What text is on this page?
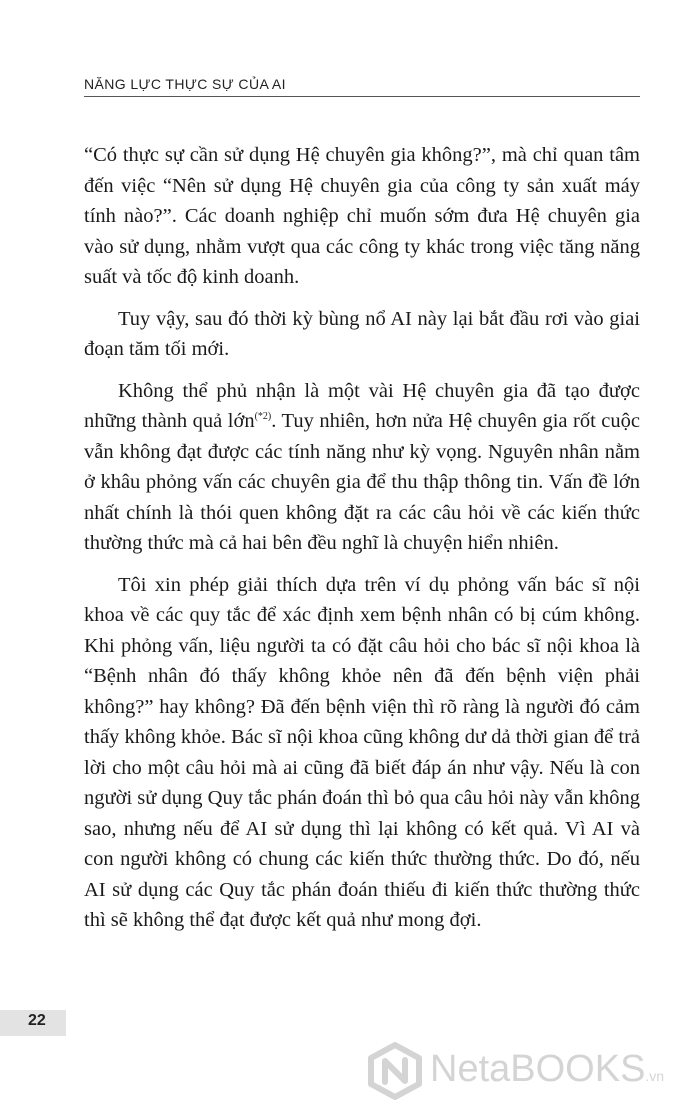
NĂNG LỰC THỰC SỰ CỦA AI

“Có thực sự cần sử dụng Hệ chuyên gia không?”, mà chỉ quan tâm đến việc “Nên sử dụng Hệ chuyên gia của công ty sản xuất máy tính nào?”. Các doanh nghiệp chỉ muốn sớm đưa Hệ chuyên gia vào sử dụng, nhằm vượt qua các công ty khác trong việc tăng năng suất và tốc độ kinh doanh.

Tuy vậy, sau đó thời kỳ bùng nổ AI này lại bắt đầu rơi vào giai đoạn tăm tối mới.

Không thể phủ nhận là một vài Hệ chuyên gia đã tạo được những thành quả lớn$^{(*2)}$. Tuy nhiên, hơn nửa Hệ chuyên gia rốt cuộc vẫn không đạt được các tính năng như kỳ vọng. Nguyên nhân nằm ở khâu phỏng vấn các chuyên gia để thu thập thông tin. Vấn đề lớn nhất chính là thói quen không đặt ra các câu hỏi về các kiến thức thường thức mà cả hai bên đều nghĩ là chuyện hiển nhiên.

Tôi xin phép giải thích dựa trên ví dụ phỏng vấn bác sĩ nội khoa về các quy tắc để xác định xem bệnh nhân có bị cúm không. Khi phỏng vấn, liệu người ta có đặt câu hỏi cho bác sĩ nội khoa là “Bệnh nhân đó thấy không khỏe nên đã đến bệnh viện phải không?” hay không? Đã đến bệnh viện thì rõ ràng là người đó cảm thấy không khỏe. Bác sĩ nội khoa cũng không dư dả thời gian để trả lời cho một câu hỏi mà ai cũng đã biết đáp án như vậy. Nếu là con người sử dụng Quy tắc phán đoán thì bỏ qua câu hỏi này vẫn không sao, nhưng nếu để AI sử dụng thì lại không có kết quả. Vì AI và con người không có chung các kiến thức thường thức. Do đó, nếu AI sử dụng các Quy tắc phán đoán thiếu đi kiến thức thường thức thì sẽ không thể đạt được kết quả như mong đợi.

22
NetaBOOKS.vn
